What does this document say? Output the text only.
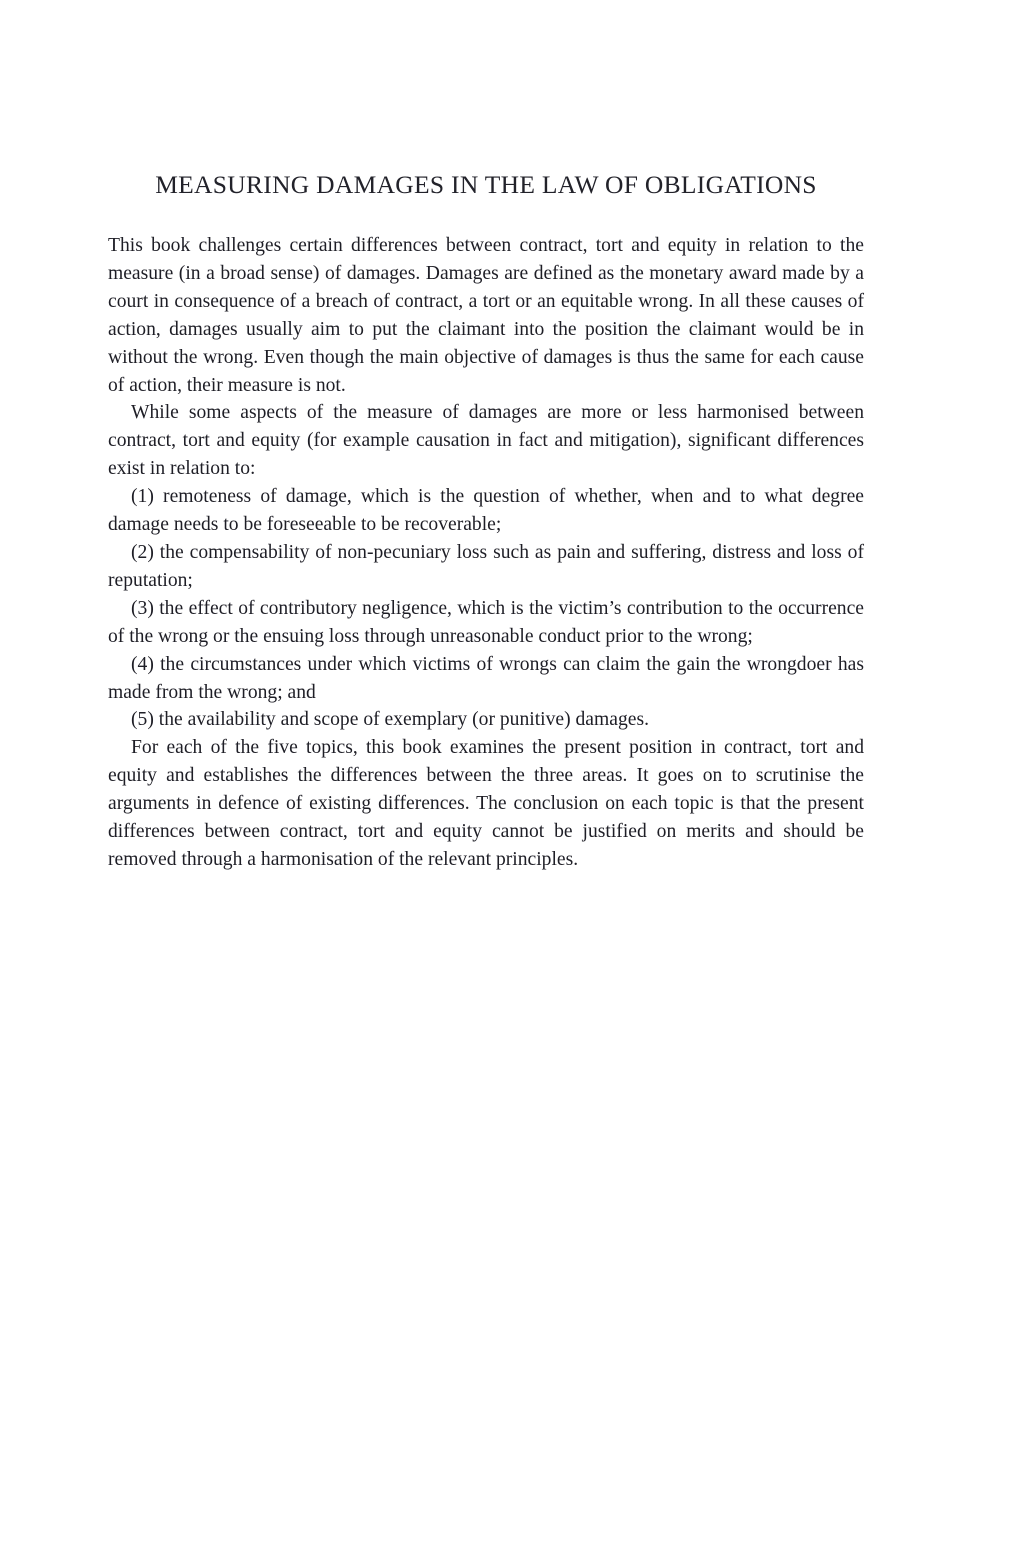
MEASURING DAMAGES IN THE LAW OF OBLIGATIONS

This book challenges certain differences between contract, tort and equity in relation to the measure (in a broad sense) of damages. Damages are defined as the monetary award made by a court in consequence of a breach of contract, a tort or an equitable wrong. In all these causes of action, damages usually aim to put the claimant into the position the claimant would be in without the wrong. Even though the main objective of damages is thus the same for each cause of action, their measure is not.

While some aspects of the measure of damages are more or less harmonised between contract, tort and equity (for example causation in fact and mitigation), significant differences exist in relation to:

(1) remoteness of damage, which is the question of whether, when and to what degree damage needs to be foreseeable to be recoverable;

(2) the compensability of non-pecuniary loss such as pain and suffering, distress and loss of reputation;

(3) the effect of contributory negligence, which is the victim’s contribution to the occurrence of the wrong or the ensuing loss through unreasonable conduct prior to the wrong;

(4) the circumstances under which victims of wrongs can claim the gain the wrongdoer has made from the wrong; and

(5) the availability and scope of exemplary (or punitive) damages.

For each of the five topics, this book examines the present position in contract, tort and equity and establishes the differences between the three areas. It goes on to scrutinise the arguments in defence of existing differences. The conclusion on each topic is that the present differences between contract, tort and equity cannot be justified on merits and should be removed through a harmonisation of the relevant principles.
